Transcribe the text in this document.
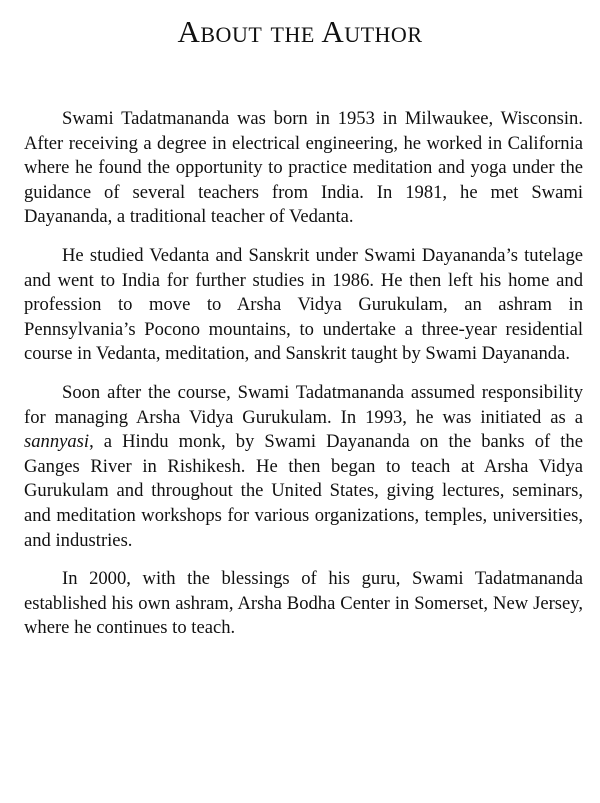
About the Author

Swami Tadatmananda was born in 1953 in Milwaukee, Wisconsin. After receiving a degree in electrical engineering, he worked in California where he found the opportunity to practice meditation and yoga under the guidance of several teachers from India. In 1981, he met Swami Dayananda, a traditional teacher of Vedanta.

He studied Vedanta and Sanskrit under Swami Dayananda’s tutelage and went to India for further studies in 1986. He then left his home and profession to move to Arsha Vidya Gurukulam, an ashram in Pennsylvania’s Pocono mountains, to undertake a three-year residential course in Vedanta, meditation, and Sanskrit taught by Swami Dayananda.

Soon after the course, Swami Tadatmananda assumed responsibility for managing Arsha Vidya Gurukulam. In 1993, he was initiated as a sannyasi, a Hindu monk, by Swami Dayananda on the banks of the Ganges River in Rishikesh. He then began to teach at Arsha Vidya Gurukulam and throughout the United States, giving lectures, seminars, and meditation workshops for various organizations, temples, universities, and industries.

In 2000, with the blessings of his guru, Swami Tadatmananda established his own ashram, Arsha Bodha Center in Somerset, New Jersey, where he continues to teach.
